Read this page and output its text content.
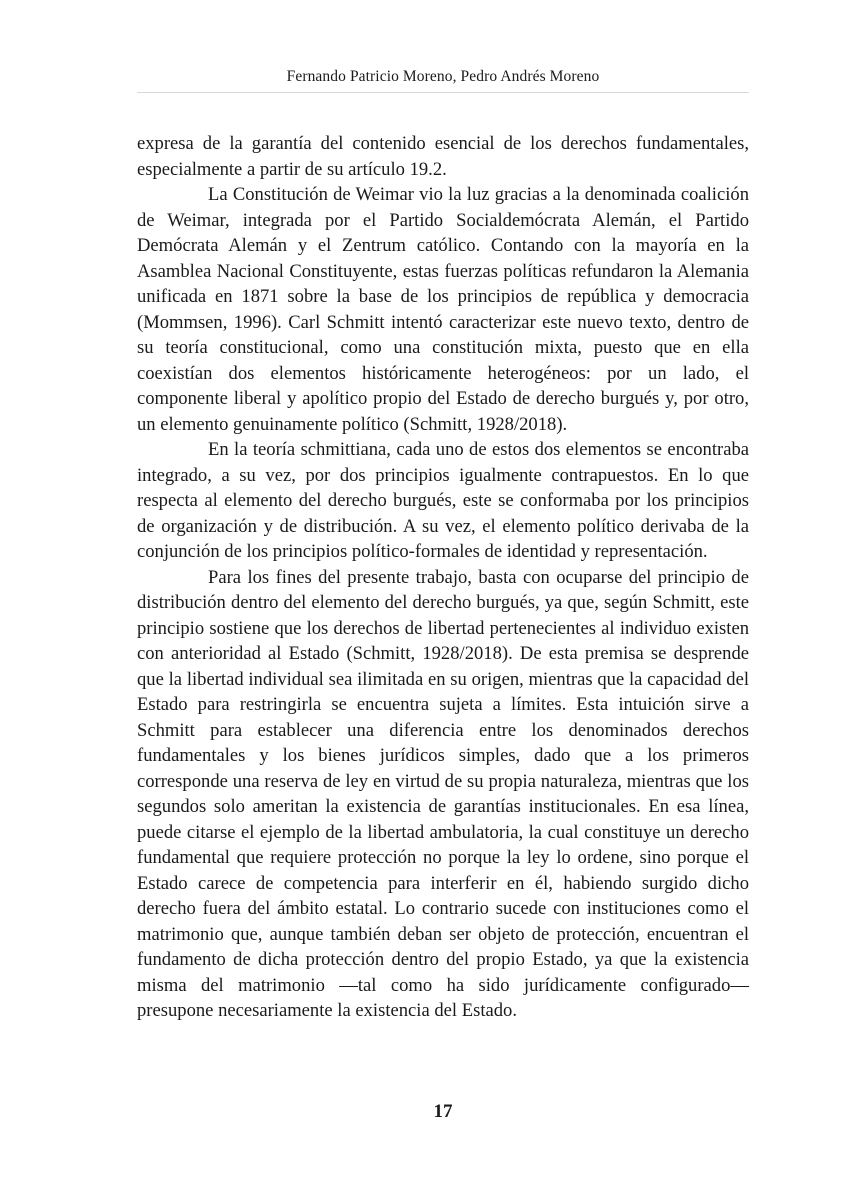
Fernando Patricio Moreno, Pedro Andrés Moreno

expresa de la garantía del contenido esencial de los derechos fundamentales, especialmente a partir de su artículo 19.2.

La Constitución de Weimar vio la luz gracias a la denominada coalición de Weimar, integrada por el Partido Socialdemócrata Alemán, el Partido Demócrata Alemán y el Zentrum católico. Contando con la mayoría en la Asamblea Nacional Constituyente, estas fuerzas políticas refundaron la Alemania unificada en 1871 sobre la base de los principios de república y democracia (Mommsen, 1996). Carl Schmitt intentó caracterizar este nuevo texto, dentro de su teoría constitucional, como una constitución mixta, puesto que en ella coexistían dos elementos históricamente heterogéneos: por un lado, el componente liberal y apolítico propio del Estado de derecho burgués y, por otro, un elemento genuinamente político (Schmitt, 1928/2018).

En la teoría schmittiana, cada uno de estos dos elementos se encontraba integrado, a su vez, por dos principios igualmente contrapuestos. En lo que respecta al elemento del derecho burgués, este se conformaba por los principios de organización y de distribución. A su vez, el elemento político derivaba de la conjunción de los principios político-formales de identidad y representación.

Para los fines del presente trabajo, basta con ocuparse del principio de distribución dentro del elemento del derecho burgués, ya que, según Schmitt, este principio sostiene que los derechos de libertad pertenecientes al individuo existen con anterioridad al Estado (Schmitt, 1928/2018). De esta premisa se desprende que la libertad individual sea ilimitada en su origen, mientras que la capacidad del Estado para restringirla se encuentra sujeta a límites. Esta intuición sirve a Schmitt para establecer una diferencia entre los denominados derechos fundamentales y los bienes jurídicos simples, dado que a los primeros corresponde una reserva de ley en virtud de su propia naturaleza, mientras que los segundos solo ameritan la existencia de garantías institucionales. En esa línea, puede citarse el ejemplo de la libertad ambulatoria, la cual constituye un derecho fundamental que requiere protección no porque la ley lo ordene, sino porque el Estado carece de competencia para interferir en él, habiendo surgido dicho derecho fuera del ámbito estatal. Lo contrario sucede con instituciones como el matrimonio que, aunque también deban ser objeto de protección, encuentran el fundamento de dicha protección dentro del propio Estado, ya que la existencia misma del matrimonio —tal como ha sido jurídicamente configurado— presupone necesariamente la existencia del Estado.

17
